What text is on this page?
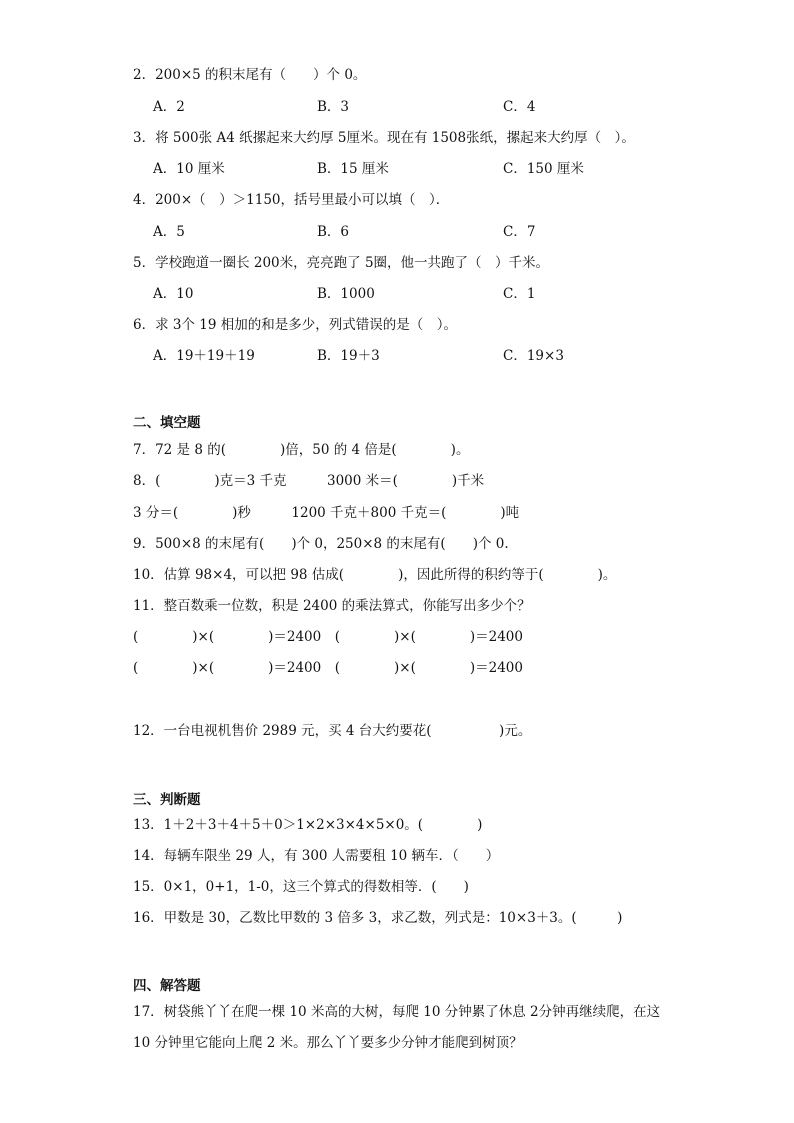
2．200×5 的积末尾有（　　）个 0。
A．2	B．3	C．4
3．将 500张 A4 纸摞起来大约厚 5厘米。现在有 1508张纸，摞起来大约厚（　）。
A．10 厘米	B．15 厘米	C．150 厘米
4．200×（　）＞1150，括号里最小可以填（　）．
A．5	B．6	C．7
5．学校跑道一圈长 200米，亮亮跑了 5圈，他一共跑了（　）千米。
A．10	B．1000	C．1
6．求 3个 19 相加的和是多少，列式错误的是（　）。
A．19＋19＋19	B．19＋3	C．19×3
二、填空题
7．72 是 8 的(　　　　)倍，50 的 4 倍是(　　　　)。
8．(　　　　)克＝3 千克　　　3000 米＝(　　　　)千米
3 分＝(　　　　)秒　　　1200 千克＋800 千克＝(　　　　)吨
9．500×8 的末尾有(　　)个 0，250×8 的末尾有(　　)个 0.
10．估算 98×4，可以把 98 估成(　　　　)，因此所得的积约等于(　　　　)。
11．整百数乘一位数，积是 2400 的乘法算式，你能写出多少个？
(　　　　)×(　　　　)＝2400　(　　　　)×(　　　　)＝2400
(　　　　)×(　　　　)＝2400　(　　　　)×(　　　　)＝2400
12．一台电视机售价 2989 元，买 4 台大约要花(　　　　　)元。
三、判断题
13．1＋2＋3＋4＋5＋0＞1×2×3×4×5×0。(　　　　)
14．每辆车限坐 29 人，有 300 人需要租 10 辆车．（　　）
15．0×1，0+1，1-0，这三个算式的得数相等．(　　)
16．甲数是 30，乙数比甲数的 3 倍多 3，求乙数，列式是：10×3＋3。(　　　)
四、解答题
17．树袋熊丫丫在爬一棵 10 米高的大树，每爬 10 分钟累了休息 2分钟再继续爬，在这
10 分钟里它能向上爬 2 米。那么丫丫要多少分钟才能爬到树顶？
